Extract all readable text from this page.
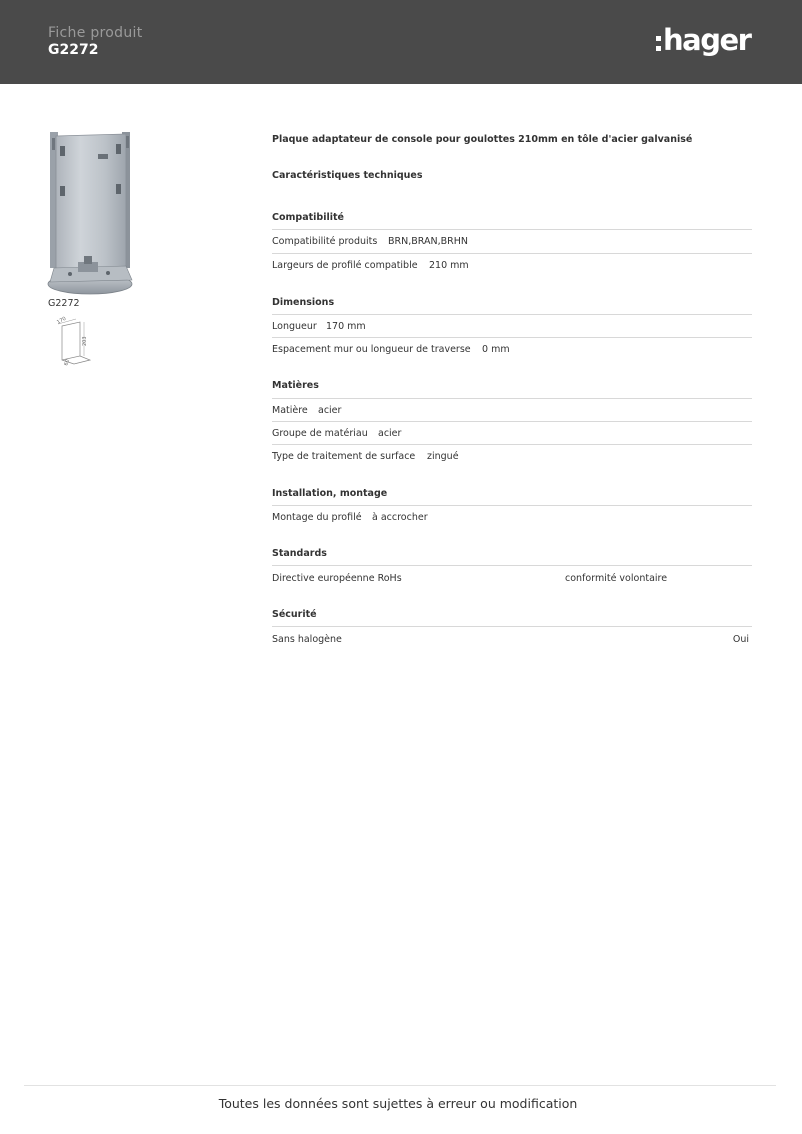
Fiche produit
G2272	hager
G2272
170
203
60
Plaque adaptateur de console pour goulottes 210mm en tôle d'acier galvanisé
Caractéristiques techniques
Compatibilité
Compatibilité produits BRN,BRAN,BRHN
Largeurs de profilé compatible 210 mm
Dimensions
Longueur 170 mm
Espacement mur ou longueur de traverse 0 mm
Matières
Matière acier
Groupe de matériau acier
Type de traitement de surface zingué
Installation, montage
Montage du profilé à accrocher
Standards
Directive européenne RoHs	conformité volontaire
Sécurité
Sans halogène	Oui
Toutes les données sont sujettes à erreur ou modification
